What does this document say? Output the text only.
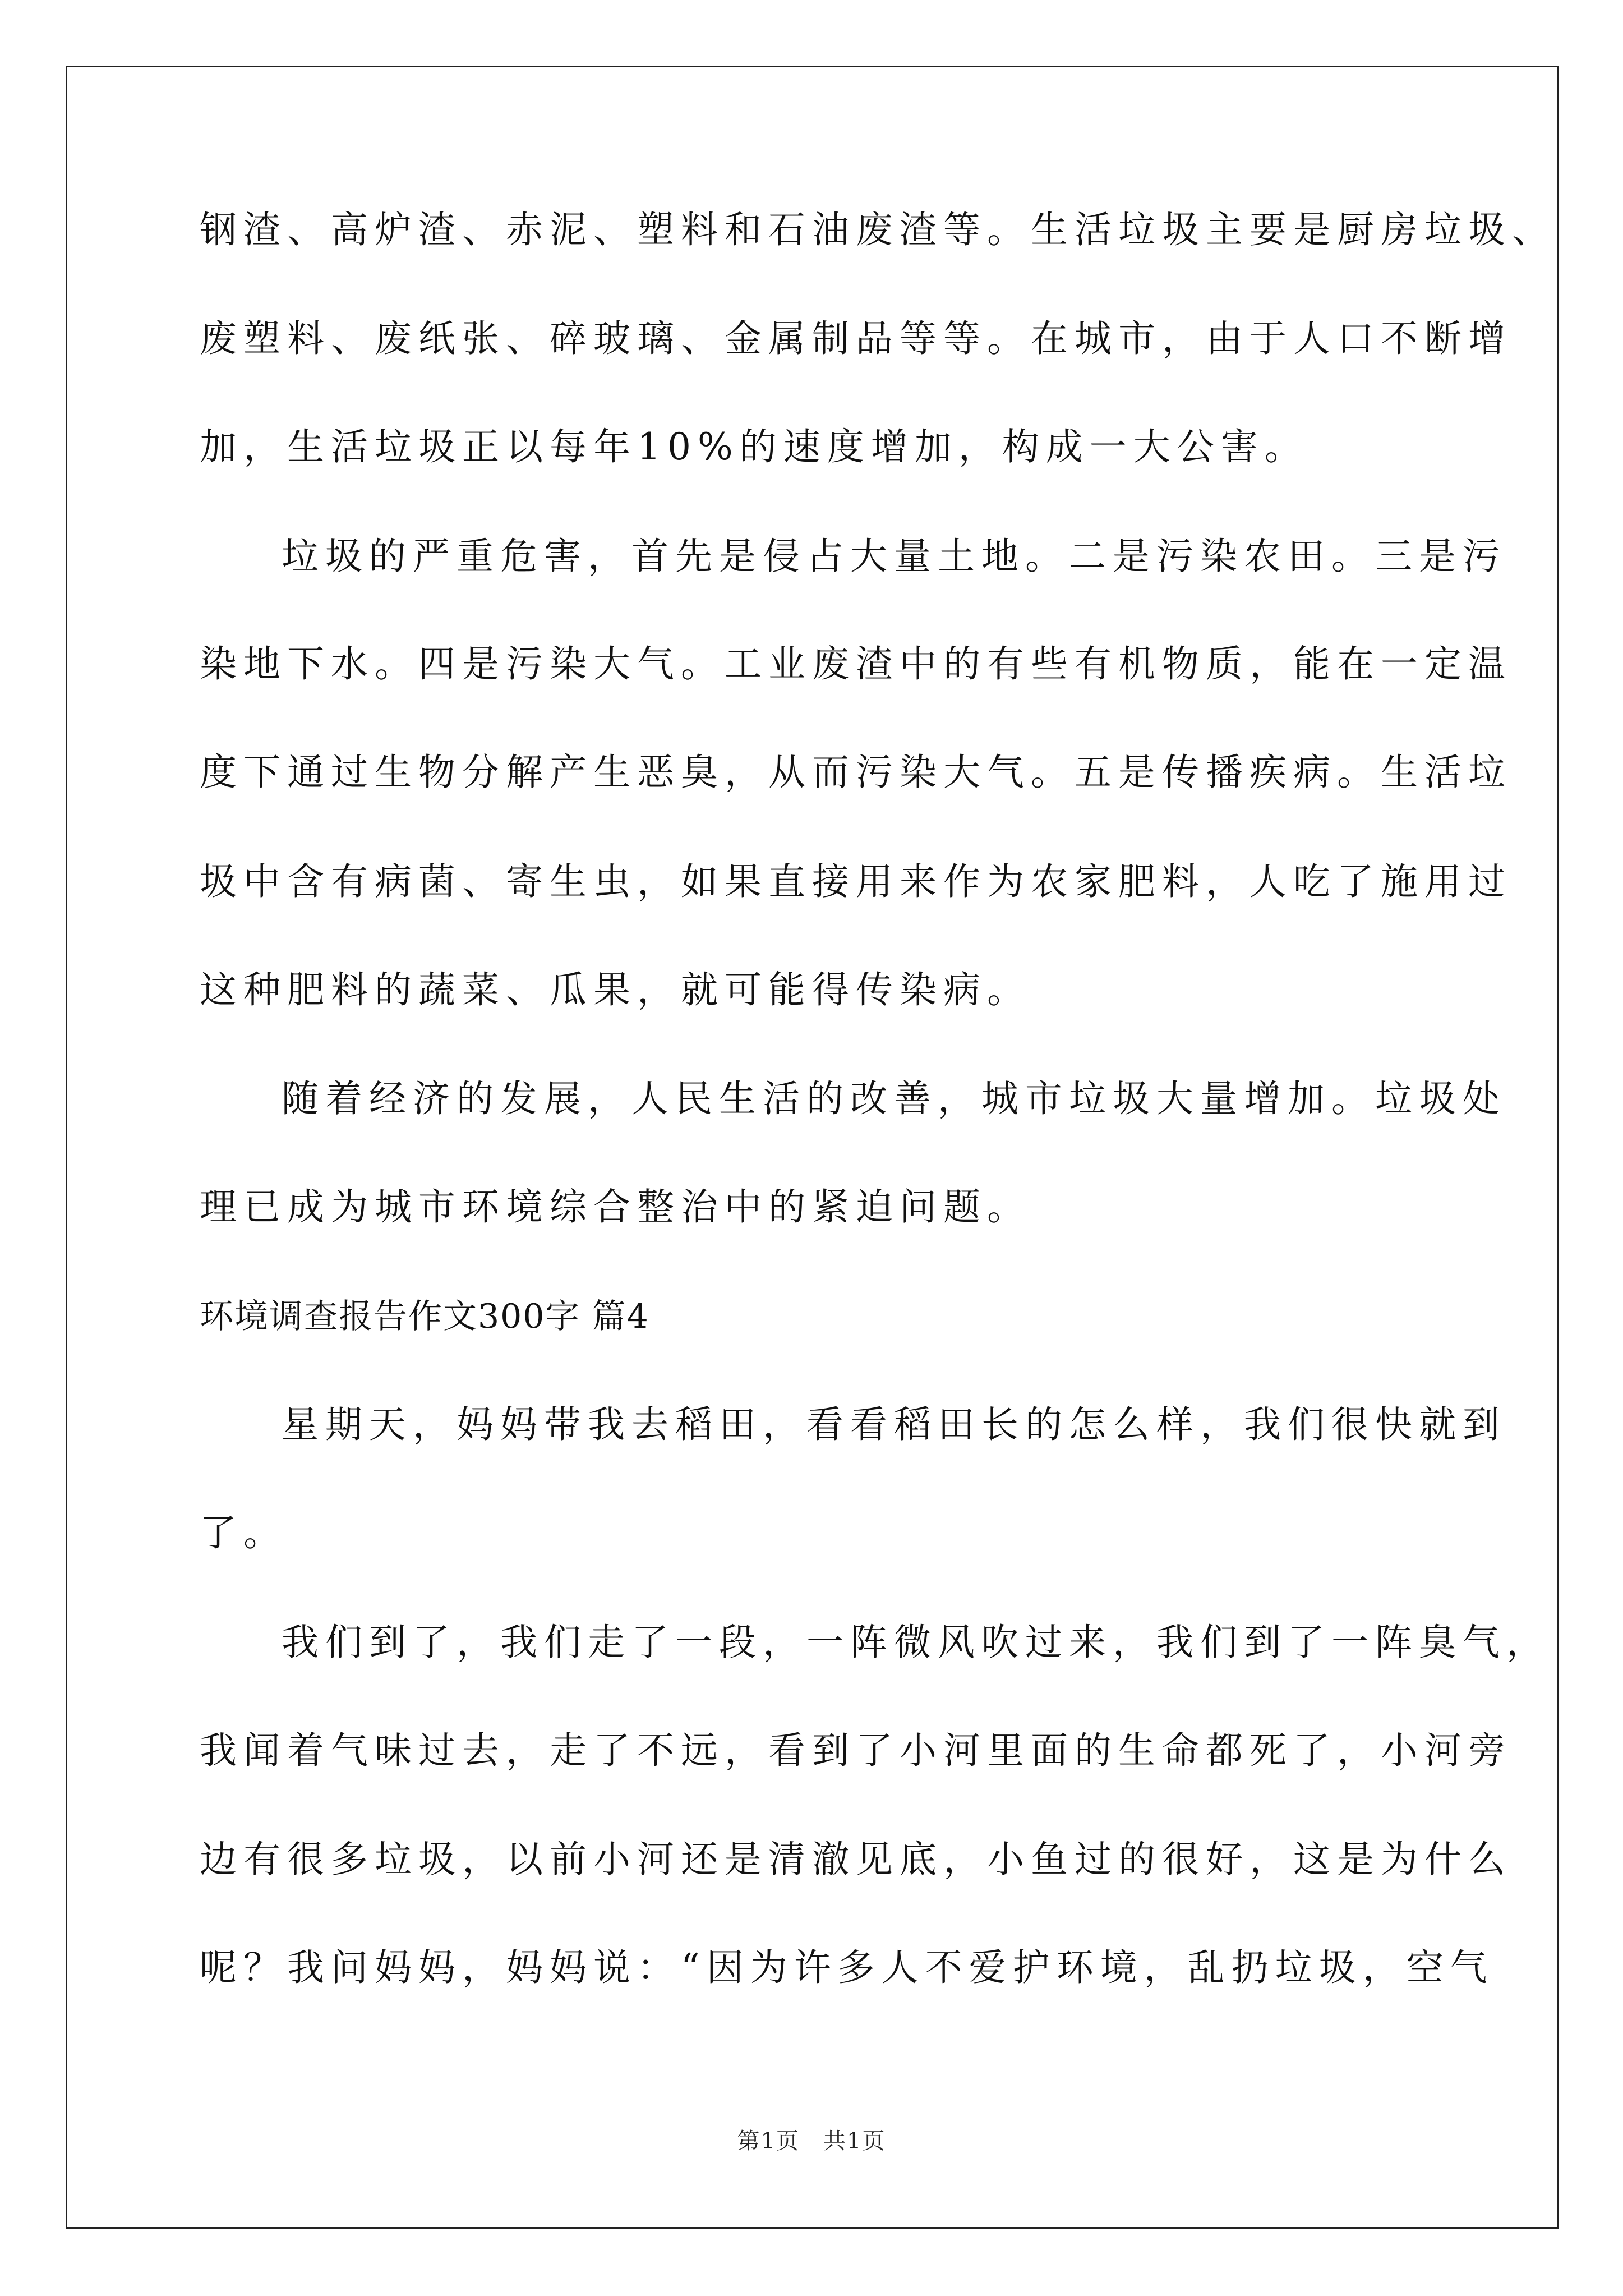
钢渣、高炉渣、赤泥、塑料和石油废渣等。生活垃圾主要是厨房垃圾、
废塑料、废纸张、碎玻璃、金属制品等等。在城市，由于人口不断增
加，生活垃圾正以每年10%的速度增加，构成一大公害。
垃圾的严重危害，首先是侵占大量土地。二是污染农田。三是污
染地下水。四是污染大气。工业废渣中的有些有机物质，能在一定温
度下通过生物分解产生恶臭，从而污染大气。五是传播疾病。生活垃
圾中含有病菌、寄生虫，如果直接用来作为农家肥料，人吃了施用过
这种肥料的蔬菜、瓜果，就可能得传染病。
随着经济的发展，人民生活的改善，城市垃圾大量增加。垃圾处
理已成为城市环境综合整治中的紧迫问题。
环境调查报告作文300字 篇4
星期天，妈妈带我去稻田，看看稻田长的怎么样，我们很快就到
了。
我们到了，我们走了一段，一阵微风吹过来，我们到了一阵臭气，
我闻着气味过去，走了不远，看到了小河里面的生命都死了，小河旁
边有很多垃圾，以前小河还是清澈见底，小鱼过的很好，这是为什么
呢？我问妈妈，妈妈说：“因为许多人不爱护环境，乱扔垃圾，空气
第1页　共1页
